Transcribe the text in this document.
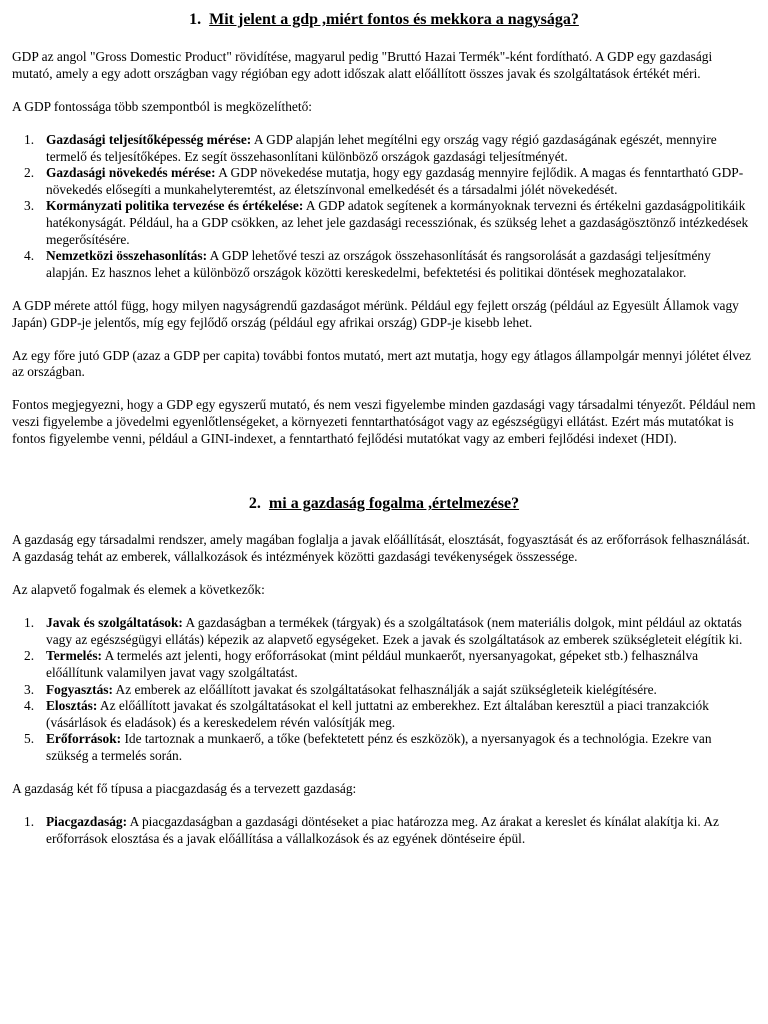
1. Mit jelent a gdp ,miért fontos és mekkora a nagysága?

GDP az angol "Gross Domestic Product" rövidítése, magyarul pedig "Bruttó Hazai Termék"-ként fordítható. A GDP egy gazdasági mutató, amely a egy adott országban vagy régióban egy adott időszak alatt előállított összes javak és szolgáltatások értékét méri.

A GDP fontossága több szempontból is megközelíthető:

1. Gazdasági teljesítőképesség mérése: A GDP alapján lehet megítélni egy ország vagy régió gazdaságának egészét, mennyire termelő és teljesítőképes. Ez segít összehasonlítani különböző országok gazdasági teljesítményét.
2. Gazdasági növekedés mérése: A GDP növekedése mutatja, hogy egy gazdaság mennyire fejlődik. A magas és fenntartható GDP-növekedés elősegíti a munkahelyteremtést, az életszínvonal emelkedését és a társadalmi jólét növekedését.
3. Kormányzati politika tervezése és értékelése: A GDP adatok segítenek a kormányoknak tervezni és értékelni gazdaságpolitikáik hatékonyságát. Például, ha a GDP csökken, az lehet jele gazdasági recessziónak, és szükség lehet a gazdaságösztönző intézkedések megerősítésére.
4. Nemzetközi összehasonlítás: A GDP lehetővé teszi az országok összehasonlítását és rangsorolását a gazdasági teljesítmény alapján. Ez hasznos lehet a különböző országok közötti kereskedelmi, befektetési és politikai döntések meghozatalakor.

A GDP mérete attól függ, hogy milyen nagyságrendű gazdaságot mérünk. Például egy fejlett ország (például az Egyesült Államok vagy Japán) GDP-je jelentős, míg egy fejlődő ország (például egy afrikai ország) GDP-je kisebb lehet.

Az egy főre jutó GDP (azaz a GDP per capita) további fontos mutató, mert azt mutatja, hogy egy átlagos állampolgár mennyi jólétet élvez az országban.

Fontos megjegyezni, hogy a GDP egy egyszerű mutató, és nem veszi figyelembe minden gazdasági vagy társadalmi tényezőt. Például nem veszi figyelembe a jövedelmi egyenlőtlenségeket, a környezeti fenntarthatóságot vagy az egészségügyi ellátást. Ezért más mutatókat is fontos figyelembe venni, például a GINI-indexet, a fenntartható fejlődési mutatókat vagy az emberi fejlődési indexet (HDI).

2. mi a gazdaság fogalma ,értelmezése?

A gazdaság egy társadalmi rendszer, amely magában foglalja a javak előállítását, elosztását, fogyasztását és az erőforrások felhasználását. A gazdaság tehát az emberek, vállalkozások és intézmények közötti gazdasági tevékenységek összessége.

Az alapvető fogalmak és elemek a következők:

1. Javak és szolgáltatások: A gazdaságban a termékek (tárgyak) és a szolgáltatások (nem materiális dolgok, mint például az oktatás vagy az egészségügyi ellátás) képezik az alapvető egységeket. Ezek a javak és szolgáltatások az emberek szükségleteit elégítik ki.
2. Termelés: A termelés azt jelenti, hogy erőforrásokat (mint például munkaerőt, nyersanyagokat, gépeket stb.) felhasználva előállítunk valamilyen javat vagy szolgáltatást.
3. Fogyasztás: Az emberek az előállított javakat és szolgáltatásokat felhasználják a saját szükségleteik kielégítésére.
4. Elosztás: Az előállított javakat és szolgáltatásokat el kell juttatni az emberekhez. Ezt általában keresztül a piaci tranzakciók (vásárlások és eladások) és a kereskedelem révén valósítják meg.
5. Erőforrások: Ide tartoznak a munkaerő, a tőke (befektetett pénz és eszközök), a nyersanyagok és a technológia. Ezekre van szükség a termelés során.

A gazdaság két fő típusa a piacgazdaság és a tervezett gazdaság:

1. Piacgazdaság: A piacgazdaságban a gazdasági döntéseket a piac határozza meg. Az árakat a kereslet és kínálat alakítja ki. Az erőforrások elosztása és a javak előállítása a vállalkozások és az egyének döntéseire épül.
